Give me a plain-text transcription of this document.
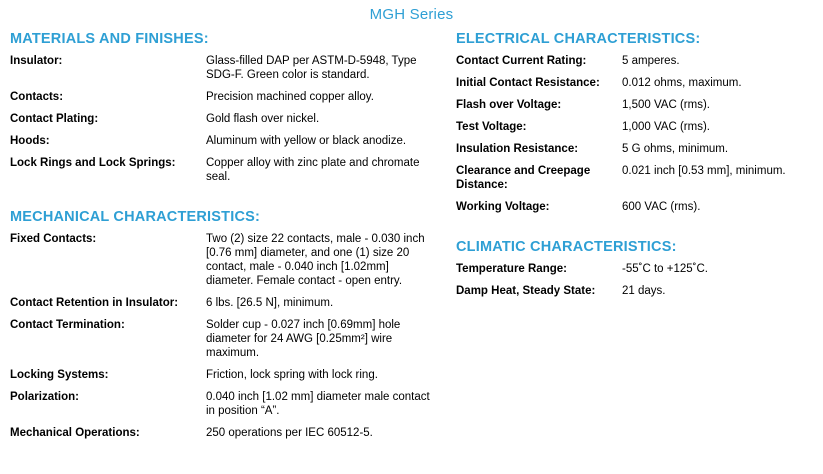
MGH Series
MATERIALS AND FINISHES:
Insulator:	Glass-filled DAP per ASTM-D-5948, Type SDG-F. Green color is standard.
Contacts:	Precision machined copper alloy.
Contact Plating:	Gold flash over nickel.
Hoods:	Aluminum with yellow or black anodize.
Lock Rings and Lock Springs:	Copper alloy with zinc plate and chromate seal.
MECHANICAL CHARACTERISTICS:
Fixed Contacts:	Two (2) size 22 contacts, male - 0.030 inch [0.76 mm] diameter, and one (1) size 20 contact, male - 0.040 inch [1.02mm] diameter. Female contact - open entry.
Contact Retention in Insulator:	6 lbs. [26.5 N], minimum.
Contact Termination:	Solder cup - 0.027 inch [0.69mm] hole diameter for 24 AWG [0.25mm²] wire maximum.
Locking Systems:	Friction, lock spring with lock ring.
Polarization:	0.040 inch [1.02 mm] diameter male contact in position “A”.
Mechanical Operations:	250 operations per IEC 60512-5.
ELECTRICAL CHARACTERISTICS:
Contact Current Rating:	5 amperes.
Initial Contact Resistance:	0.012 ohms, maximum.
Flash over Voltage:	1,500 VAC (rms).
Test Voltage:	1,000 VAC (rms).
Insulation Resistance:	5 G ohms, minimum.
Clearance and Creepage Distance:	0.021 inch [0.53 mm], minimum.
Working Voltage:	600 VAC (rms).
CLIMATIC CHARACTERISTICS:
Temperature Range:	-55˚C to +125˚C.
Damp Heat, Steady State:	21 days.
